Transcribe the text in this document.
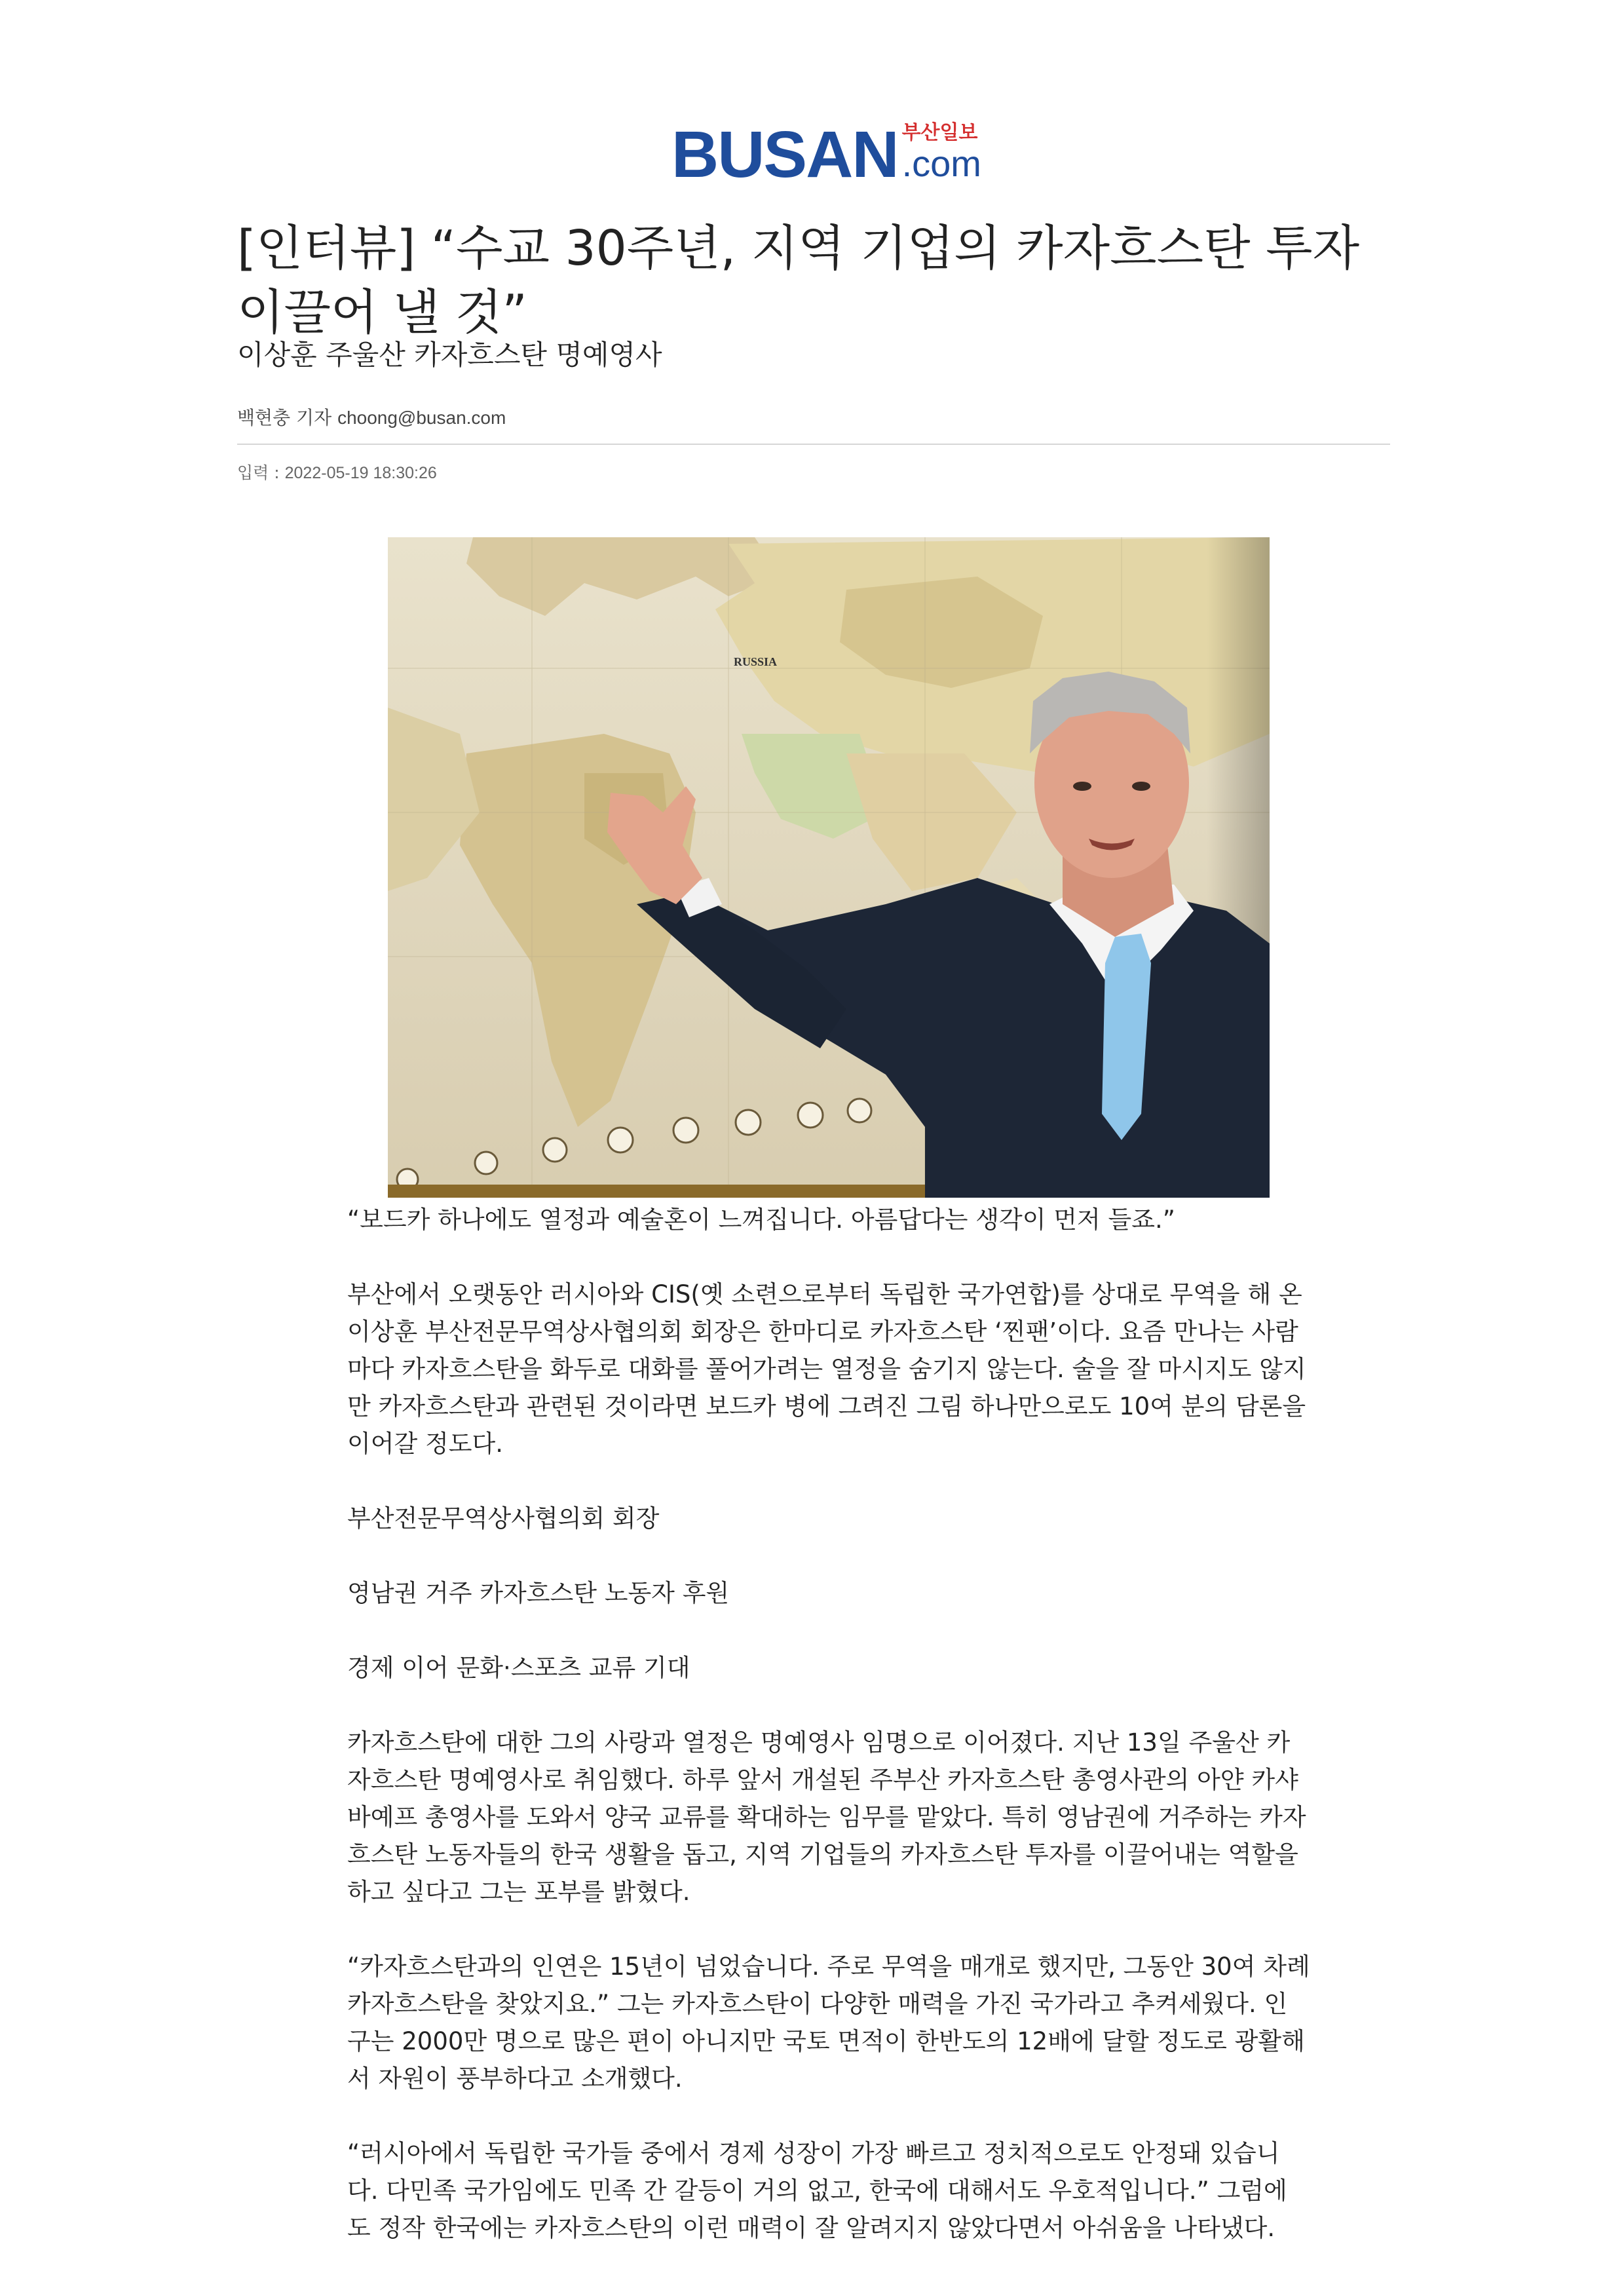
BUSAN 부산일보
.com
[인터뷰] “수교 30주년, 지역 기업의 카자흐스탄 투자 이끌어 낼 것”
이상훈 주울산 카자흐스탄 명예영사
백현충 기자 choong@busan.com
입력 : 2022-05-19 18:30:26
RUSSIA

“보드카 하나에도 열정과 예술혼이 느껴집니다. 아름답다는 생각이 먼저 들죠.”

부산에서 오랫동안 러시아와 CIS(옛 소련으로부터 독립한 국가연합)를 상대로 무역을 해 온 이상훈 부산전문무역상사협의회 회장은 한마디로 카자흐스탄 ‘찐팬’이다. 요즘 만나는 사람마다 카자흐스탄을 화두로 대화를 풀어가려는 열정을 숨기지 않는다. 술을 잘 마시지도 않지만 카자흐스탄과 관련된 것이라면 보드카 병에 그려진 그림 하나만으로도 10여 분의 담론을 이어갈 정도다.

부산전문무역상사협의회 회장

영남권 거주 카자흐스탄 노동자 후원

경제 이어 문화·스포츠 교류 기대

카자흐스탄에 대한 그의 사랑과 열정은 명예영사 임명으로 이어졌다. 지난 13일 주울산 카자흐스탄 명예영사로 취임했다. 하루 앞서 개설된 주부산 카자흐스탄 총영사관의 아얀 카샤바예프 총영사를 도와서 양국 교류를 확대하는 임무를 맡았다. 특히 영남권에 거주하는 카자흐스탄 노동자들의 한국 생활을 돕고, 지역 기업들의 카자흐스탄 투자를 이끌어내는 역할을 하고 싶다고 그는 포부를 밝혔다.

“카자흐스탄과의 인연은 15년이 넘었습니다. 주로 무역을 매개로 했지만, 그동안 30여 차례 카자흐스탄을 찾았지요.” 그는 카자흐스탄이 다양한 매력을 가진 국가라고 추켜세웠다. 인구는 2000만 명으로 많은 편이 아니지만 국토 면적이 한반도의 12배에 달할 정도로 광활해서 자원이 풍부하다고 소개했다.

“러시아에서 독립한 국가들 중에서 경제 성장이 가장 빠르고 정치적으로도 안정돼 있습니다. 다민족 국가임에도 민족 간 갈등이 거의 없고, 한국에 대해서도 우호적입니다.” 그럼에도 정작 한국에는 카자흐스탄의 이런 매력이 잘 알려지지 않았다면서 아쉬움을 나타냈다.
